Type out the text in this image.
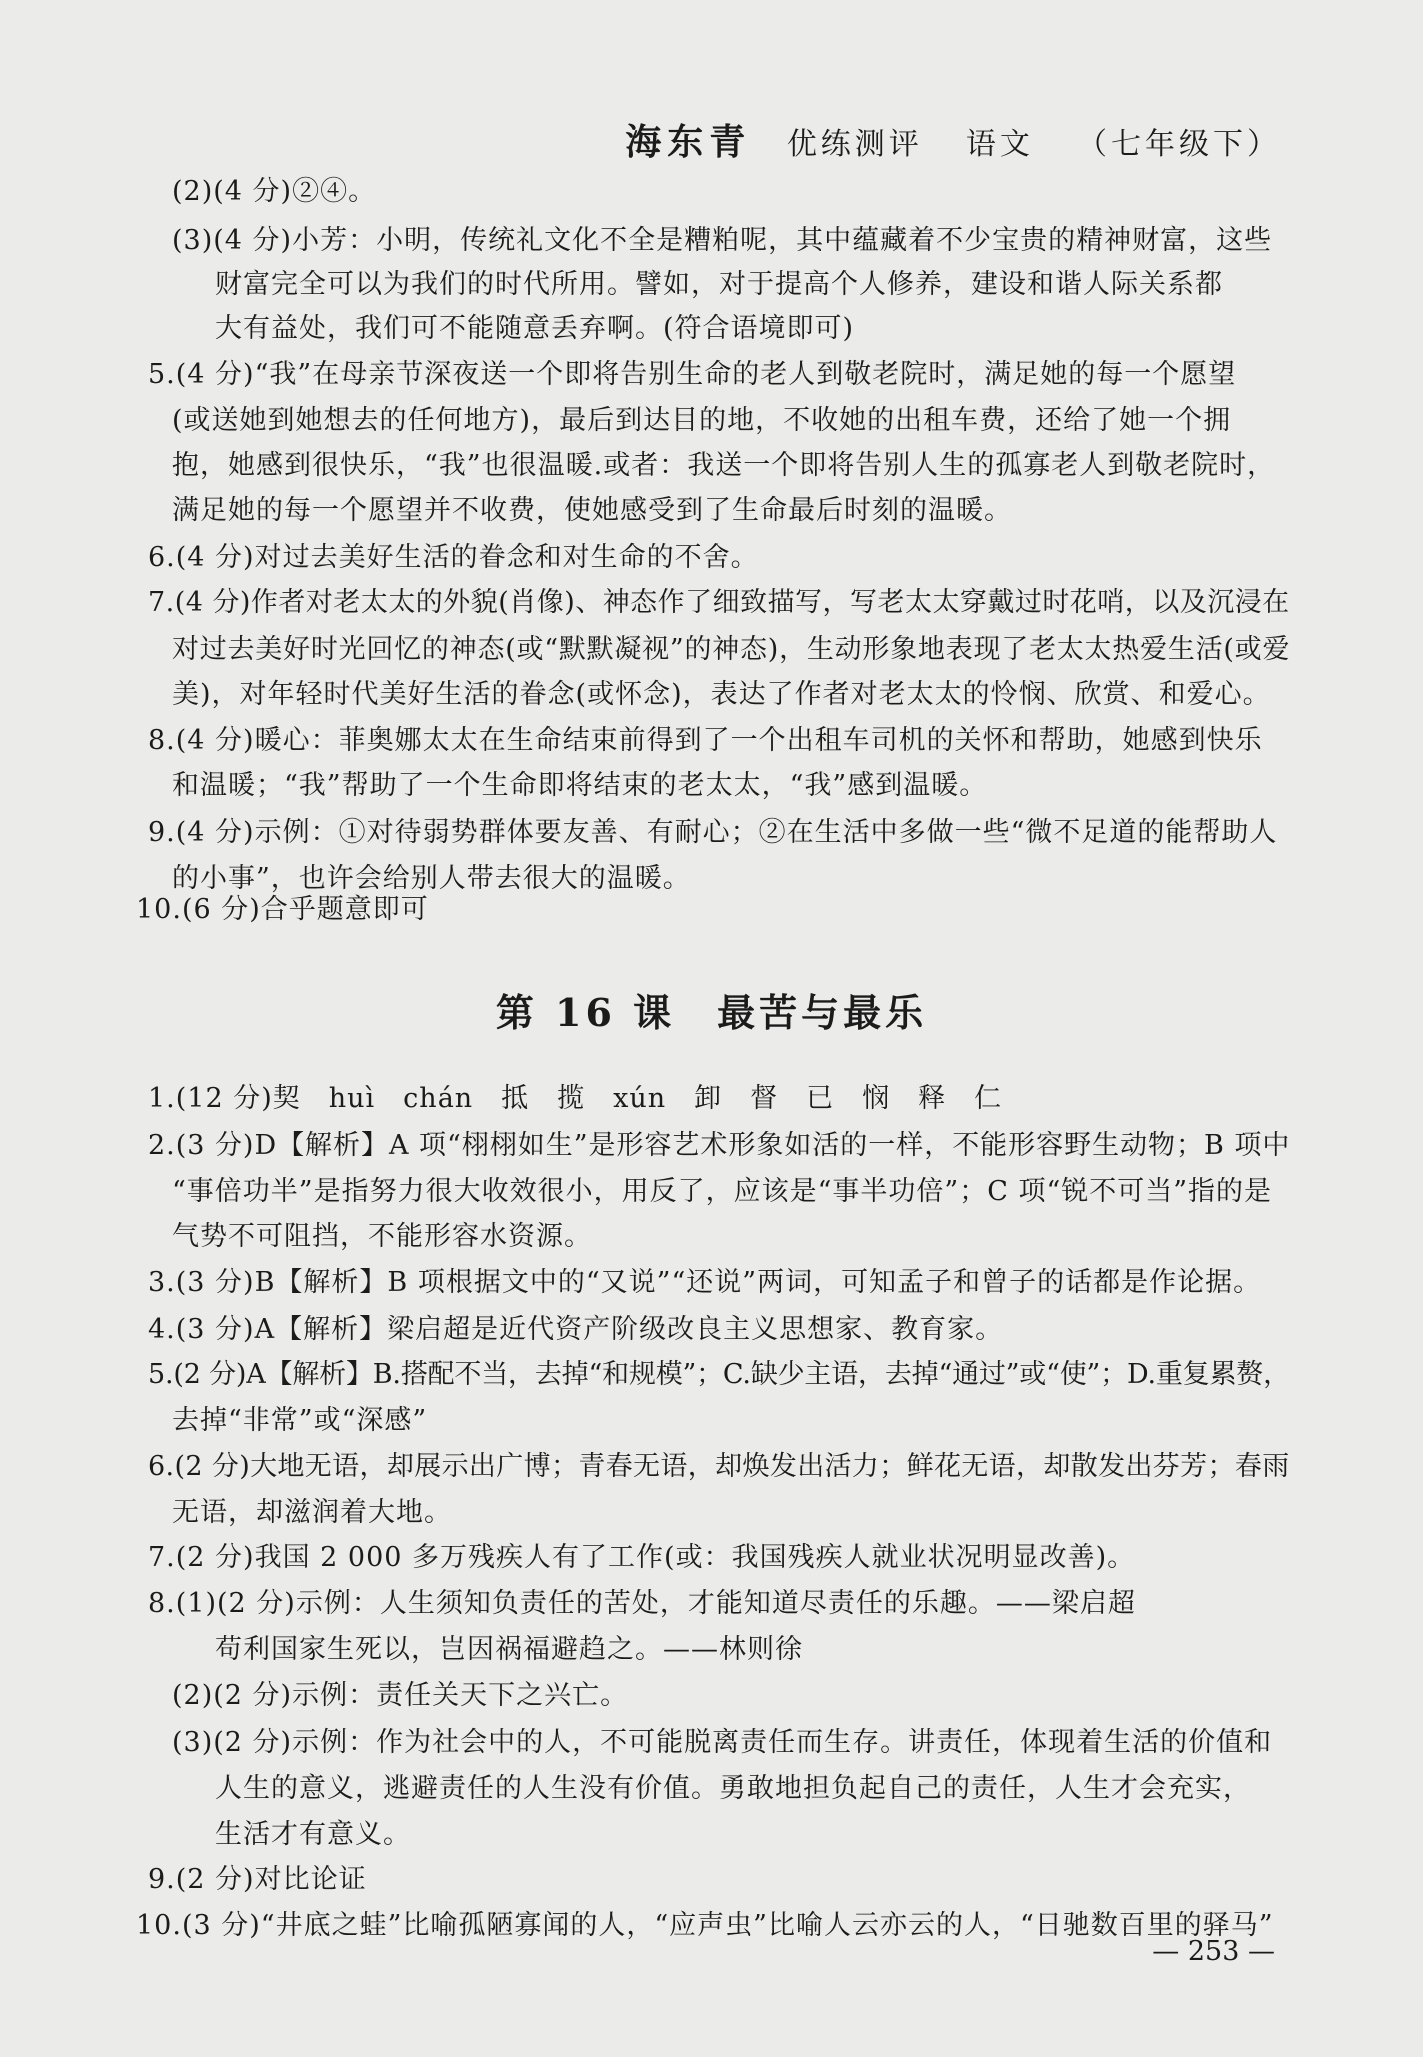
海东青 优练测评 语文 （七年级下）
(2)(4 分)②④。
(3)(4 分)小芳：小明，传统礼文化不全是糟粕呢，其中蕴藏着不少宝贵的精神财富，这些
财富完全可以为我们的时代所用。譬如，对于提高个人修养，建设和谐人际关系都
大有益处，我们可不能随意丢弃啊。(符合语境即可)
5.(4 分)“我”在母亲节深夜送一个即将告别生命的老人到敬老院时，满足她的每一个愿望
(或送她到她想去的任何地方)，最后到达目的地，不收她的出租车费，还给了她一个拥
抱，她感到很快乐，“我”也很温暖.或者：我送一个即将告别人生的孤寡老人到敬老院时，
满足她的每一个愿望并不收费，使她感受到了生命最后时刻的温暖。
6.(4 分)对过去美好生活的眷念和对生命的不舍。
7.(4 分)作者对老太太的外貌(肖像)、神态作了细致描写，写老太太穿戴过时花哨，以及沉浸在
对过去美好时光回忆的神态(或“默默凝视”的神态)，生动形象地表现了老太太热爱生活(或爱
美)，对年轻时代美好生活的眷念(或怀念)，表达了作者对老太太的怜悯、欣赏、和爱心。
8.(4 分)暖心：菲奥娜太太在生命结束前得到了一个出租车司机的关怀和帮助，她感到快乐
和温暖；“我”帮助了一个生命即将结束的老太太，“我”感到温暖。
9.(4 分)示例：①对待弱势群体要友善、有耐心；②在生活中多做一些“微不足道的能帮助人
的小事”，也许会给别人带去很大的温暖。
10.(6 分)合乎题意即可
第 16 课　最苦与最乐
1.(12 分)契　huì　chán　抵　揽　xún　卸　督　已　悯　释　仁
2.(3 分)D【解析】A 项“栩栩如生”是形容艺术形象如活的一样，不能形容野生动物；B 项中
“事倍功半”是指努力很大收效很小，用反了，应该是“事半功倍”；C 项“锐不可当”指的是
气势不可阻挡，不能形容水资源。
3.(3 分)B【解析】B 项根据文中的“又说”“还说”两词，可知孟子和曾子的话都是作论据。
4.(3 分)A【解析】梁启超是近代资产阶级改良主义思想家、教育家。
5.(2 分)A【解析】B.搭配不当，去掉“和规模”；C.缺少主语，去掉“通过”或“使”；D.重复累赘，
去掉“非常”或“深感”
6.(2 分)大地无语，却展示出广博；青春无语，却焕发出活力；鲜花无语，却散发出芬芳；春雨
无语，却滋润着大地。
7.(2 分)我国 2 000 多万残疾人有了工作(或：我国残疾人就业状况明显改善)。
8.(1)(2 分)示例：人生须知负责任的苦处，才能知道尽责任的乐趣。——梁启超
苟利国家生死以，岂因祸福避趋之。——林则徐
(2)(2 分)示例：责任关天下之兴亡。
(3)(2 分)示例：作为社会中的人，不可能脱离责任而生存。讲责任，体现着生活的价值和
人生的意义，逃避责任的人生没有价值。勇敢地担负起自己的责任，人生才会充实，
生活才有意义。
9.(2 分)对比论证
10.(3 分)“井底之蛙”比喻孤陋寡闻的人，“应声虫”比喻人云亦云的人，“日驰数百里的驿马”
— 253 —
